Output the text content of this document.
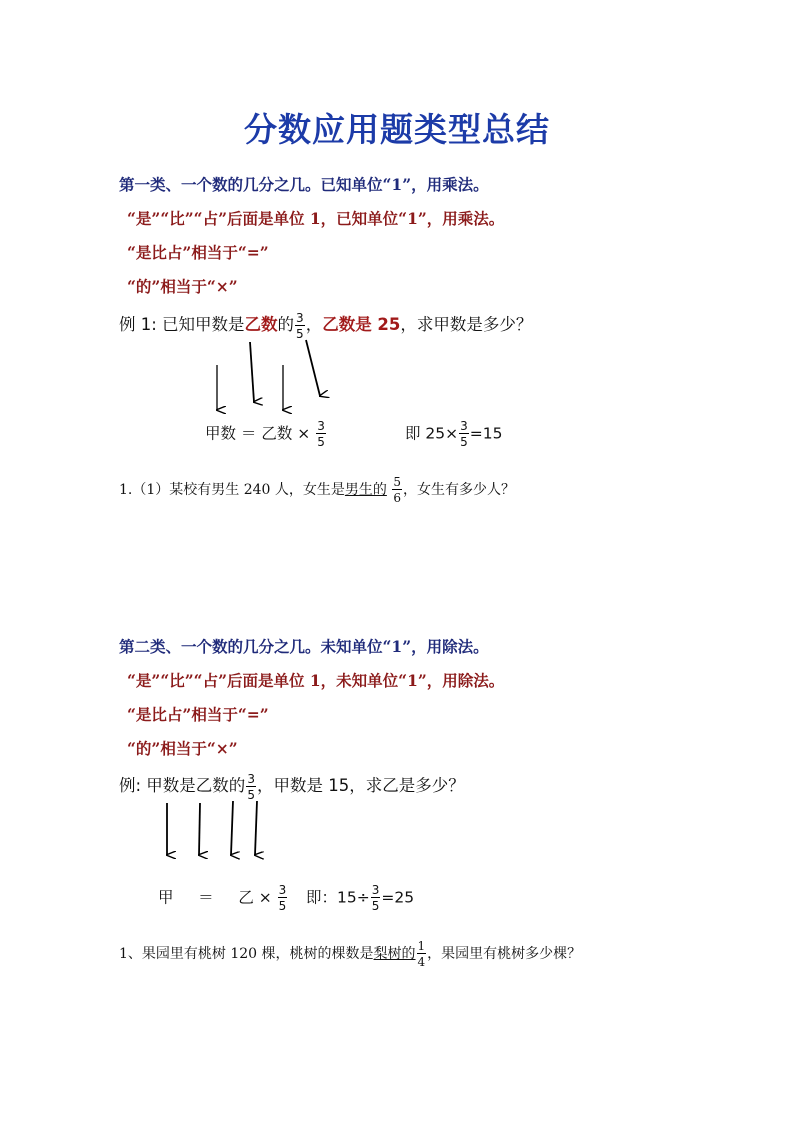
分数应用题类型总结
第一类、一个数的几分之几。已知单位“1”，用乘法。
“是”“比”“占”后面是单位 1，已知单位“1”，用乘法。
“是比占”相当于“=”
“的”相当于“×”
例 1: 已知甲数是乙数的 $\frac{3}{5}$ ，乙数是 25，求甲数是多少？
甲数 ＝ 乙数 × $\frac{3}{5}$	即 $25\times \frac{3}{5} =15$
1.（1）某校有男生 240 人，女生是男生的 $\frac{5}{6}$ ，女生有多少人？
第二类、一个数的几分之几。未知单位“1”，用除法。
“是”“比”“占”后面是单位 1，未知单位“1”，用除法。
“是比占”相当于“=”
“的”相当于“×”
例: 甲数是乙数的 $\frac{3}{5}$ ，甲数是 15，求乙是多少？
甲 ＝ 乙 × $\frac{3}{5}$ 即：$15\div \frac{3}{5} =25$
1、果园里有桃树 120 棵，桃树的棵数是梨树的 $\frac{1}{4}$ ，果园里有桃树多少棵？
